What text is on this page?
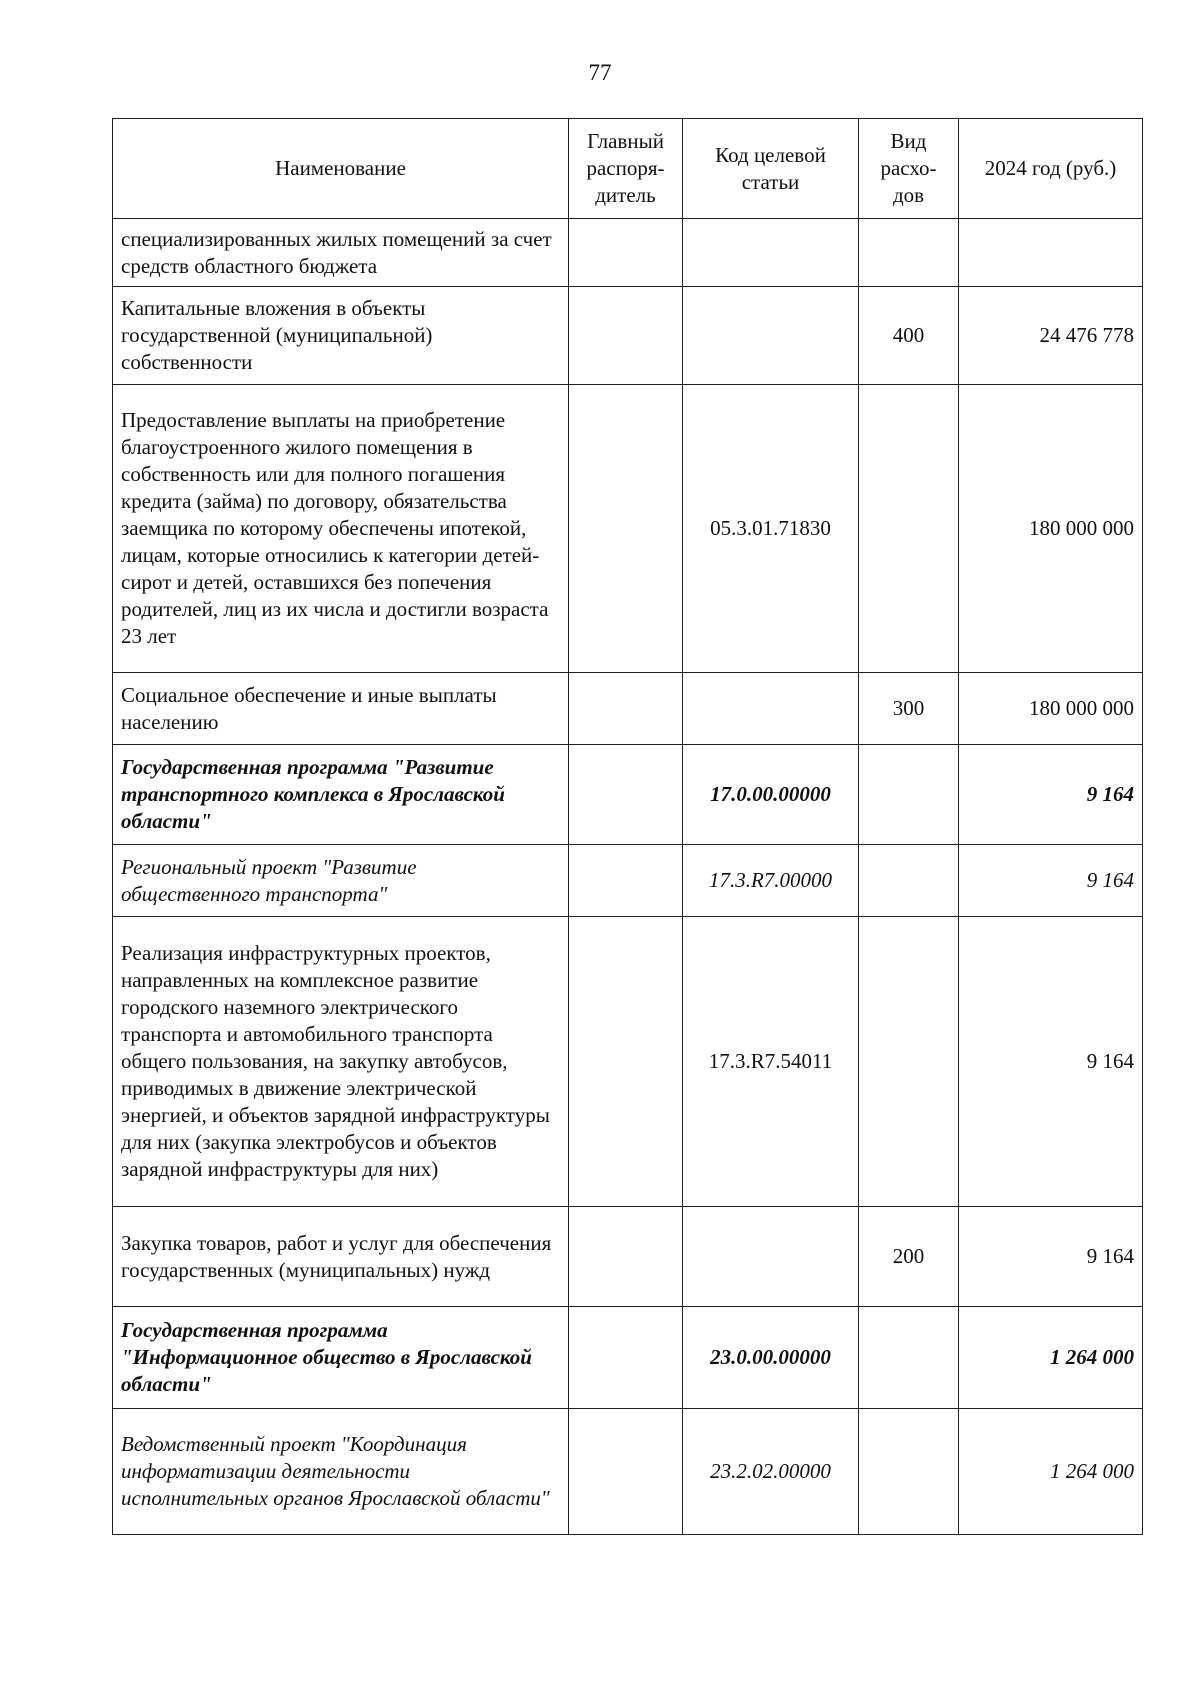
77
Наименование	Главный распоря-дитель	Код целевой статьи	Вид расхо-дов	2024 год (руб.)
специализированных жилых помещений за счет средств областного бюджета				
Капитальные вложения в объекты государственной (муниципальной) собственности			400	24 476 778
Предоставление выплаты на приобретение благоустроенного жилого помещения в собственность или для полного погашения кредита (займа) по договору, обязательства заемщика по которому обеспечены ипотекой, лицам, которые относились к категории детей-сирот и детей, оставшихся без попечения родителей, лиц из их числа и достигли возраста 23 лет		05.3.01.71830		180 000 000
Социальное обеспечение и иные выплаты населению			300	180 000 000
Государственная программа "Развитие транспортного комплекса в Ярославской области"		17.0.00.00000		9 164
Региональный проект "Развитие общественного транспорта"		17.3.R7.00000		9 164
Реализация инфраструктурных проектов, направленных на комплексное развитие городского наземного электрического транспорта и автомобильного транспорта общего пользования, на закупку автобусов, приводимых в движение электрической энергией, и объектов зарядной инфраструктуры для них (закупка электробусов и объектов зарядной инфраструктуры для них)		17.3.R7.54011		9 164
Закупка товаров, работ и услуг для обеспечения государственных (муниципальных) нужд			200	9 164
Государственная программа "Информационное общество в Ярославской области"		23.0.00.00000		1 264 000
Ведомственный проект "Координация информатизации деятельности исполнительных органов Ярославской области"		23.2.02.00000		1 264 000
